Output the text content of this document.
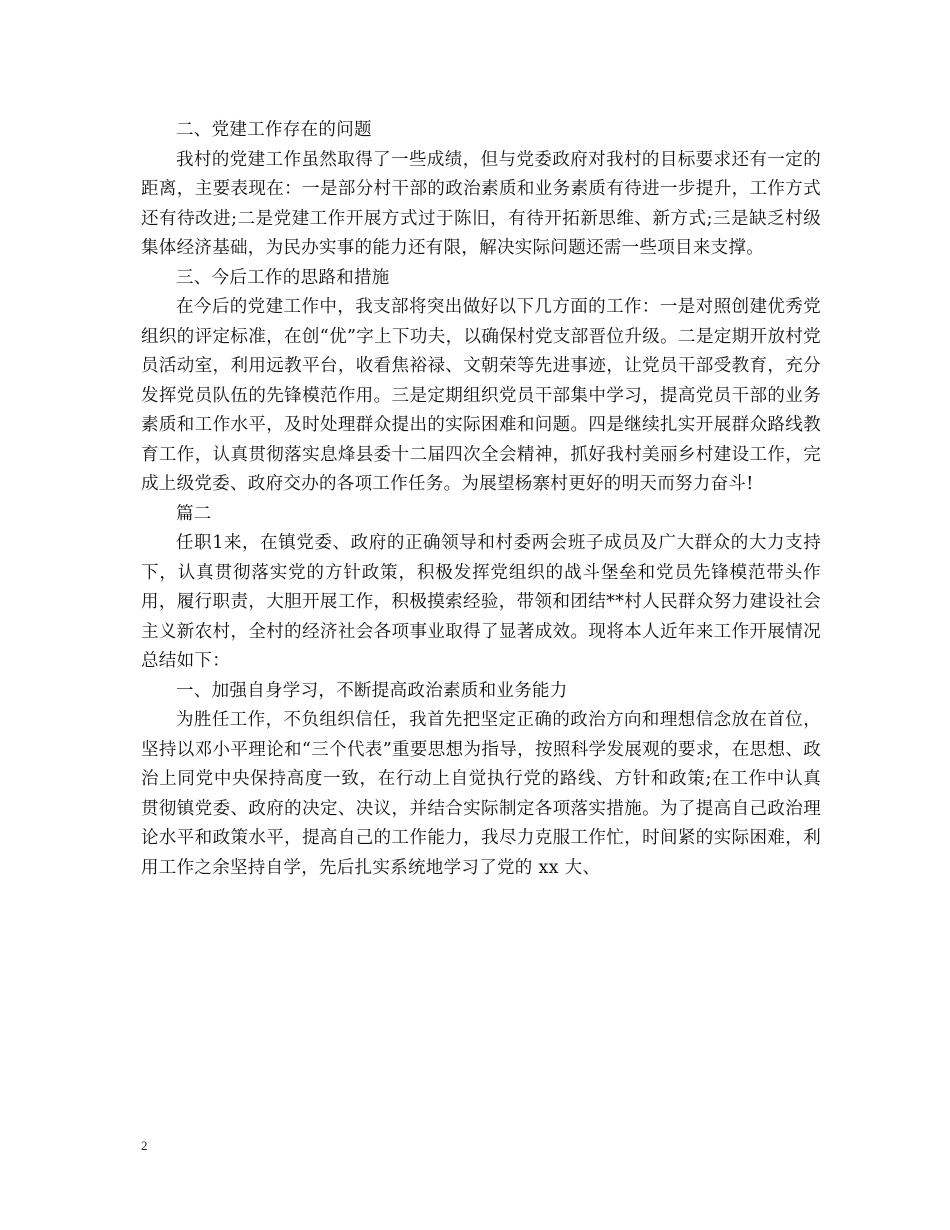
二、党建工作存在的问题

我村的党建工作虽然取得了一些成绩，但与党委政府对我村的目标要求还有一定的距离，主要表现在：一是部分村干部的政治素质和业务素质有待进一步提升，工作方式还有待改进;二是党建工作开展方式过于陈旧，有待开拓新思维、新方式;三是缺乏村级集体经济基础，为民办实事的能力还有限，解决实际问题还需一些项目来支撑。

三、今后工作的思路和措施

在今后的党建工作中，我支部将突出做好以下几方面的工作：一是对照创建优秀党组织的评定标准，在创“优”字上下功夫，以确保村党支部晋位升级。二是定期开放村党员活动室，利用远教平台，收看焦裕禄、文朝荣等先进事迹，让党员干部受教育，充分发挥党员队伍的先锋模范作用。三是定期组织党员干部集中学习，提高党员干部的业务素质和工作水平，及时处理群众提出的实际困难和问题。四是继续扎实开展群众路线教育工作，认真贯彻落实息烽县委十二届四次全会精神，抓好我村美丽乡村建设工作，完成上级党委、政府交办的各项工作任务。为展望杨寨村更好的明天而努力奋斗!

篇二

任职1来，在镇党委、政府的正确领导和村委两会班子成员及广大群众的大力支持下，认真贯彻落实党的方针政策，积极发挥党组织的战斗堡垒和党员先锋模范带头作用，履行职责，大胆开展工作，积极摸索经验，带领和团结**村人民群众努力建设社会主义新农村，全村的经济社会各项事业取得了显著成效。现将本人近年来工作开展情况总结如下：

一、加强自身学习，不断提高政治素质和业务能力

为胜任工作，不负组织信任，我首先把坚定正确的政治方向和理想信念放在首位，坚持以邓小平理论和“三个代表”重要思想为指导，按照科学发展观的要求，在思想、政治上同党中央保持高度一致，在行动上自觉执行党的路线、方针和政策;在工作中认真贯彻镇党委、政府的决定、决议，并结合实际制定各项落实措施。为了提高自己政治理论水平和政策水平，提高自己的工作能力，我尽力克服工作忙，时间紧的实际困难，利用工作之余坚持自学，先后扎实系统地学习了党的 xx 大、

2
